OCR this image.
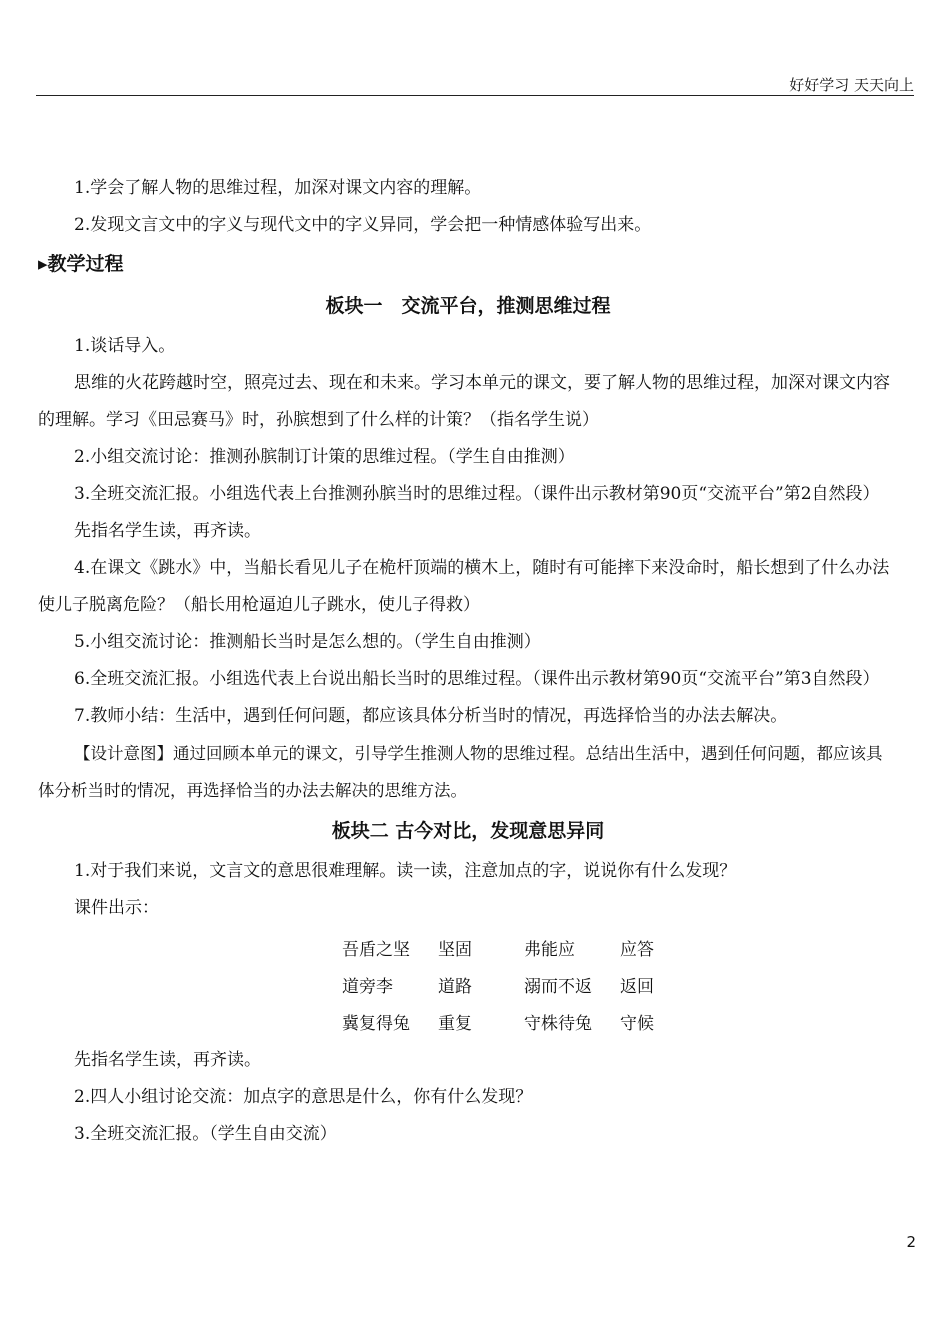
好好学习 天天向上

1.学会了解人物的思维过程，加深对课文内容的理解。

2.发现文言文中的字义与现代文中的字义异同，学会把一种情感体验写出来。

▸教学过程

板块一　交流平台，推测思维过程

1.谈话导入。

思维的火花跨越时空，照亮过去、现在和未来。学习本单元的课文，要了解人物的思维过程，加深对课文内容的理解。学习《田忌赛马》时，孙膑想到了什么样的计策？（指名学生说）

2.小组交流讨论：推测孙膑制订计策的思维过程。（学生自由推测）

3.全班交流汇报。小组选代表上台推测孙膑当时的思维过程。（课件出示教材第90页“交流平台”第2自然段）

先指名学生读，再齐读。

4.在课文《跳水》中，当船长看见儿子在桅杆顶端的横木上，随时有可能摔下来没命时，船长想到了什么办法使儿子脱离危险？（船长用枪逼迫儿子跳水，使儿子得救）

5.小组交流讨论：推测船长当时是怎么想的。（学生自由推测）

6.全班交流汇报。小组选代表上台说出船长当时的思维过程。（课件出示教材第90页“交流平台”第3自然段）

7.教师小结：生活中，遇到任何问题，都应该具体分析当时的情况，再选择恰当的办法去解决。

【设计意图】通过回顾本单元的课文，引导学生推测人物的思维过程。总结出生活中，遇到任何问题，都应该具体分析当时的情况，再选择恰当的办法去解决的思维方法。

板块二 古今对比，发现意思异同

1.对于我们来说，文言文的意思很难理解。读一读，注意加点的字，说说你有什么发现？

课件出示：

吾盾之坚	坚固	弗能应	应答
道旁李	道路	溺而不返	返回
冀复得兔	重复	守株待兔	守候

先指名学生读，再齐读。

2.四人小组讨论交流：加点字的意思是什么，你有什么发现？

3.全班交流汇报。（学生自由交流）

2
